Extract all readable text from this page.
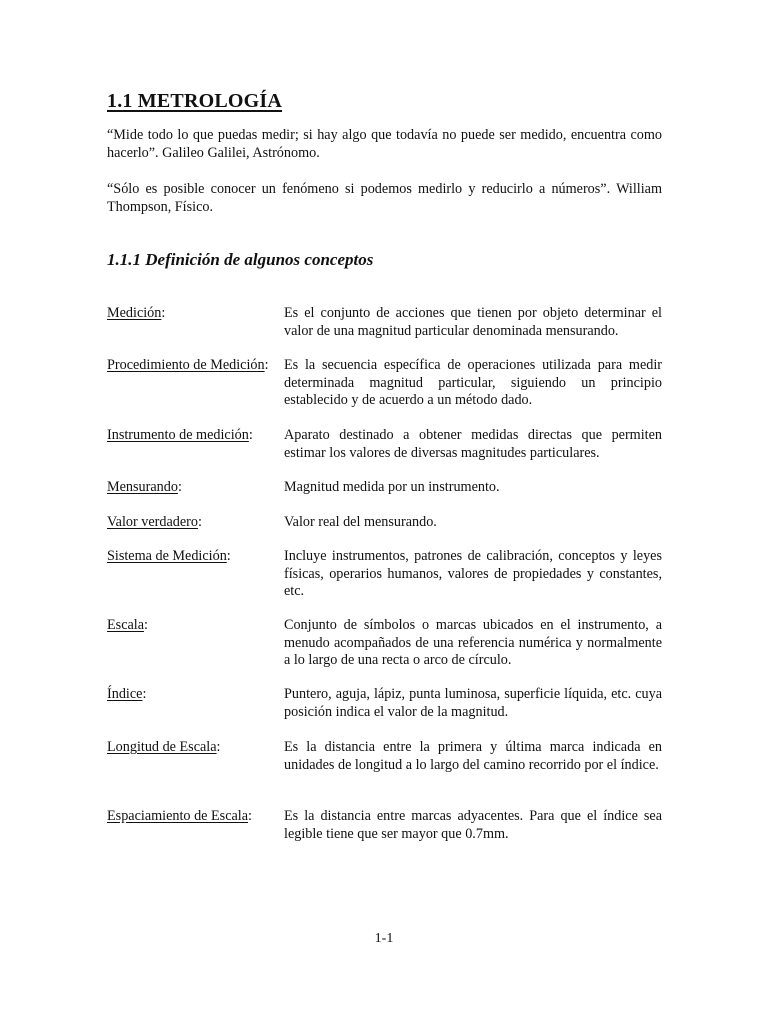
1.1 METROLOGÍA

“Mide todo lo que puedas medir; si hay algo que todavía no puede ser medido, encuentra como hacerlo”. Galileo Galilei, Astrónomo.

“Sólo es posible conocer un fenómeno si podemos medirlo y reducirlo a números”. William Thompson, Físico.

1.1.1 Definición de algunos conceptos
Medición:	Es el conjunto de acciones que tienen por objeto determinar el valor de una magnitud particular denominada mensurando.
Procedimiento de Medición: Es la secuencia específica de operaciones utilizada para medir determinada magnitud particular, siguiendo un principio establecido y de acuerdo a un método dado.
Instrumento de medición: Aparato destinado a obtener medidas directas que permiten estimar los valores de diversas magnitudes particulares.
Mensurando:	Magnitud medida por un instrumento.
Valor verdadero:	Valor real del mensurando.
Sistema de Medición:	Incluye instrumentos, patrones de calibración, conceptos y leyes físicas, operarios humanos, valores de propiedades y constantes, etc.
Escala:	Conjunto de símbolos o marcas ubicados en el instrumento, a menudo acompañados de una referencia numérica y normalmente a lo largo de una recta o arco de círculo.
Índice:	Puntero, aguja, lápiz, punta luminosa, superficie líquida, etc. cuya posición indica el valor de la magnitud.
Longitud de Escala:	Es la distancia entre la primera y última marca indicada en unidades de longitud a lo largo del camino recorrido por el índice.
Espaciamiento de Escala: Es la distancia entre marcas adyacentes. Para que el índice sea legible tiene que ser mayor que 0.7mm.
1-1
